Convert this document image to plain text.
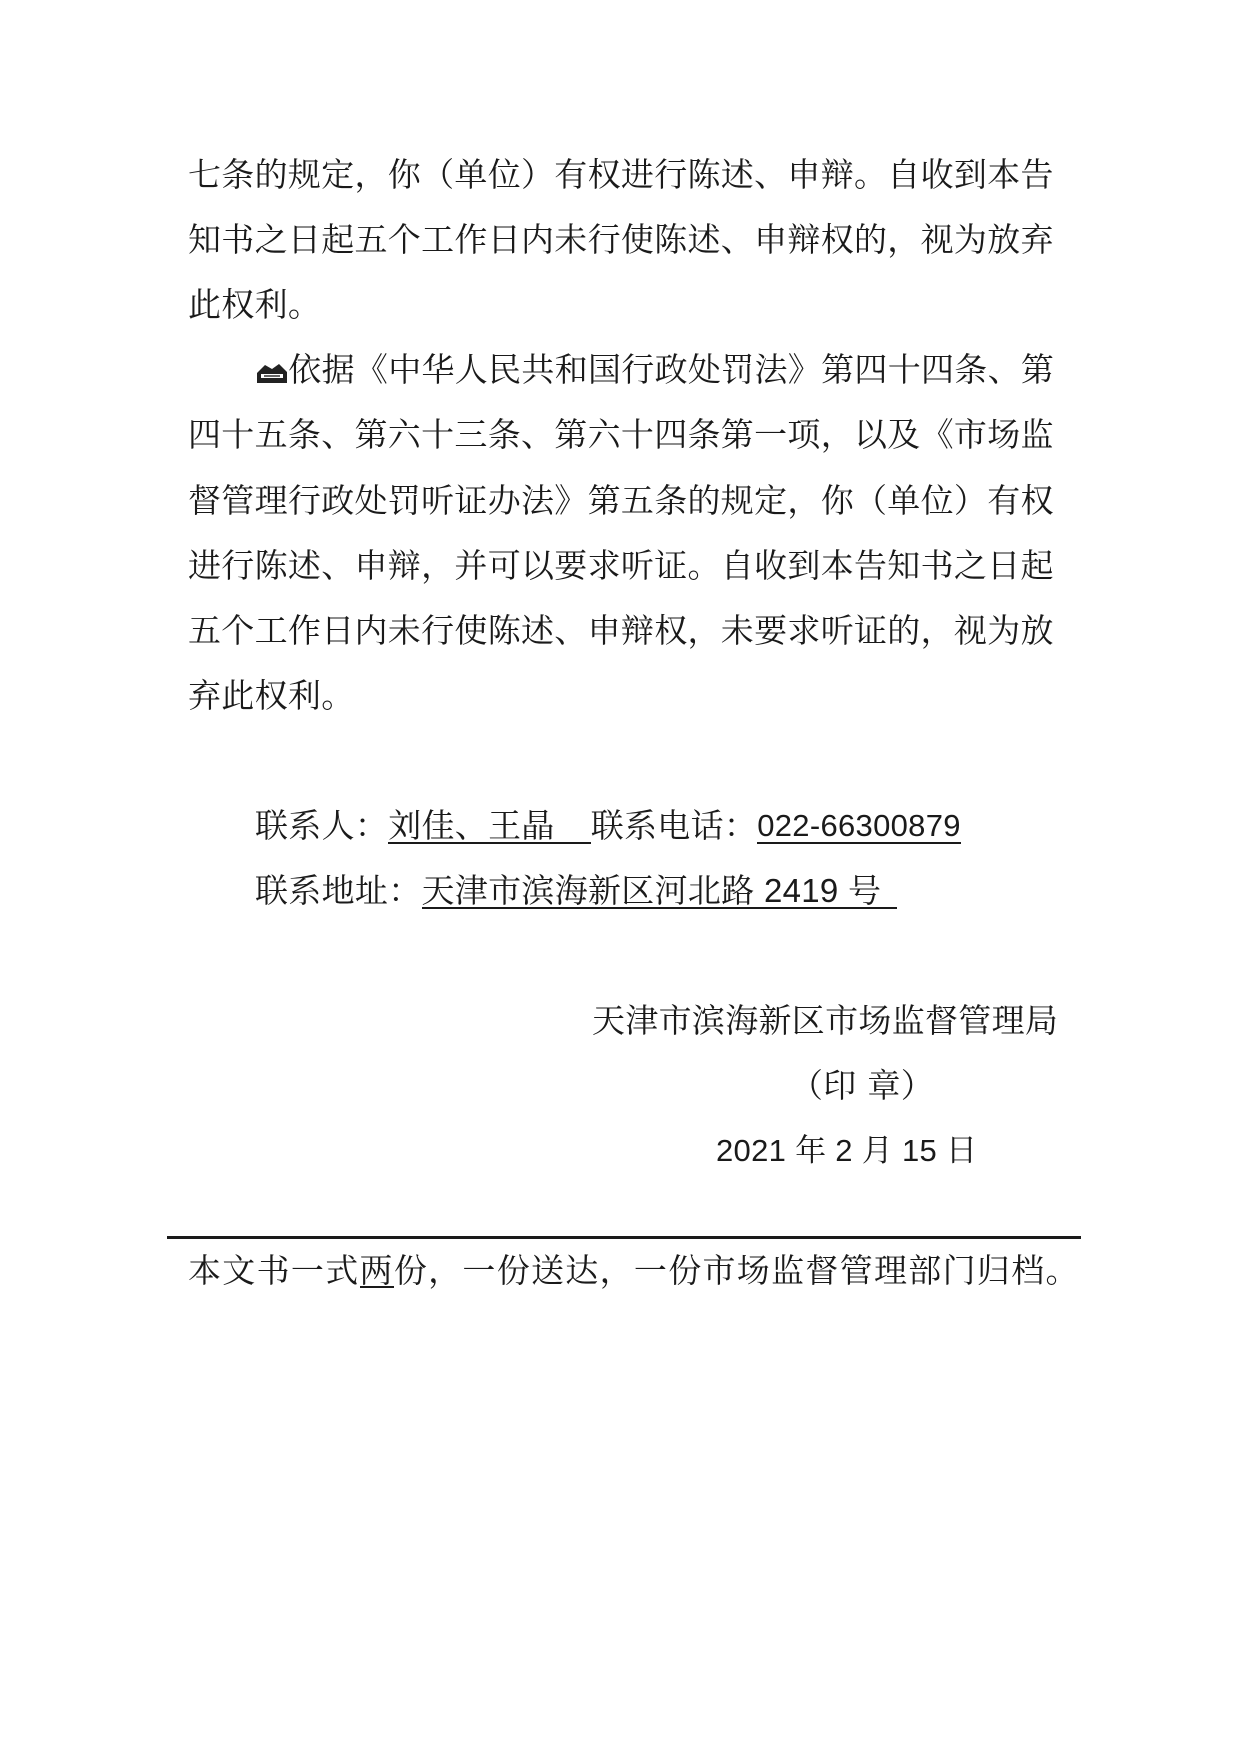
七条的规定，你（单位）有权进行陈述、申辩。自收到本告
知书之日起五个工作日内未行使陈述、申辩权的，视为放弃
此权利。
依据《中华人民共和国行政处罚法》第四十四条、第
四十五条、第六十三条、第六十四条第一项，以及《市场监
督管理行政处罚听证办法》第五条的规定，你（单位）有权
进行陈述、申辩，并可以要求听证。自收到本告知书之日起
五个工作日内未行使陈述、申辩权，未要求听证的，视为放
弃此权利。
联系人：刘佳、王晶 联系电话：022-66300879
联系地址：天津市滨海新区河北路 2419 号
天津市滨海新区市场监督管理局
（印 章）
2021 年 2 月 15 日
本文书一式两份，一份送达，一份市场监督管理部门归档。
